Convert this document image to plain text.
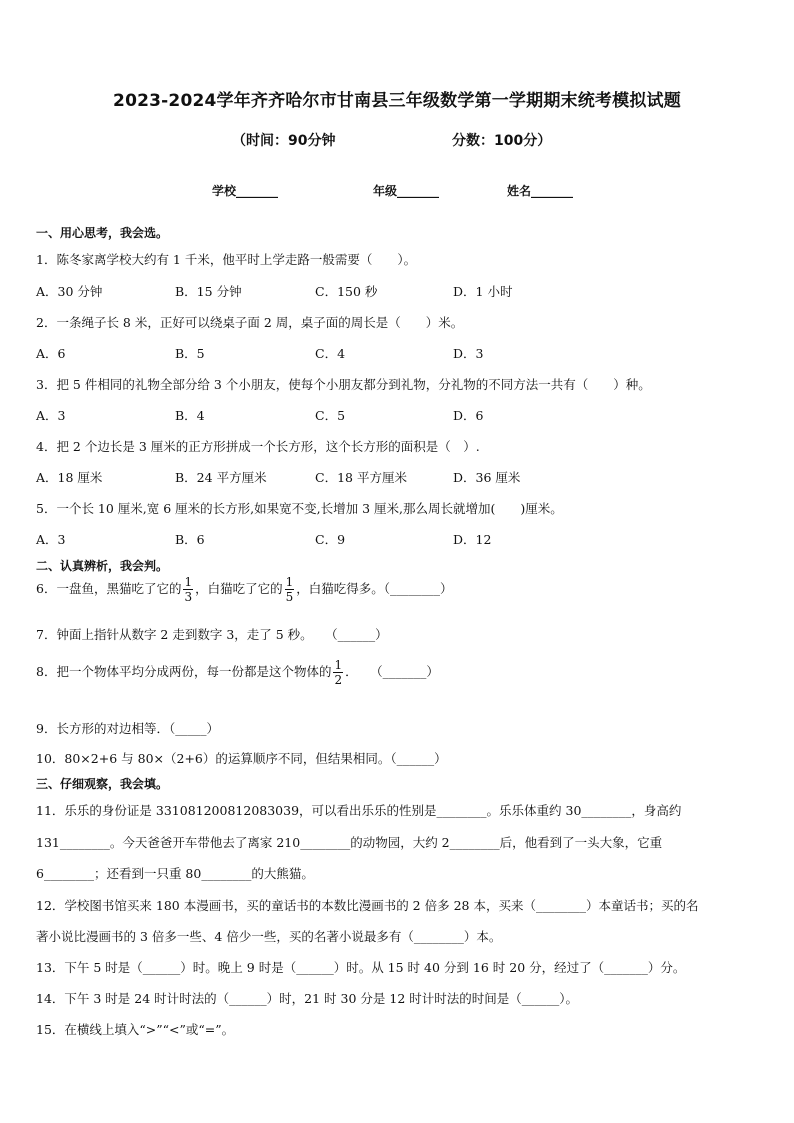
2023-2024学年齐齐哈尔市甘南县三年级数学第一学期期末统考模拟试题
（时间：90分钟	分数：100分）
学校_______	年级_______	姓名_______
一、用心思考，我会选。
1．陈冬家离学校大约有 1 千米，他平时上学走路一般需要（　　）。
A．30 分钟	B．15 分钟	C．150 秒	D．1 小时
2．一条绳子长 8 米，正好可以绕桌子面 2 周，桌子面的周长是（　　）米。
A．6	B．5	C．4	D．3
3．把 5 件相同的礼物全部分给 3 个小朋友，使每个小朋友都分到礼物，分礼物的不同方法一共有（　　）种。
A．3	B．4	C．5	D．6
4．把 2 个边长是 3 厘米的正方形拼成一个长方形，这个长方形的面积是（　）.
A．18 厘米	B．24 平方厘米	C．18 平方厘米	D．36 厘米
5．一个长 10 厘米,宽 6 厘米的长方形,如果宽不变,长增加 3 厘米,那么周长就增加(　　)厘米。
A．3	B．6	C．9	D．12
二、认真辨析，我会判。
6．一盘鱼，黑猫吃了它的 $\frac{1}{3}$ ，白猫吃了它的 $\frac{1}{5}$ ，白猫吃得多。（________）
7．钟面上指针从数字 2 走到数字 3，走了 5 秒。　　（______）
8．把一个物体平均分成两份，每一份都是这个物体的 $\frac{1}{2}$ ．　　（_______）
9．长方形的对边相等．（_____）
10．80×2+6 与 80×（2+6）的运算顺序不同，但结果相同。（______）
三、仔细观察，我会填。
11．乐乐的身份证是 331081200812083039，可以看出乐乐的性别是________。乐乐体重约 30________，身高约
131________。今天爸爸开车带他去了离家 210________的动物园，大约 2________后，他看到了一头大象，它重
6________；还看到一只重 80________的大熊猫。
12．学校图书馆买来 180 本漫画书，买的童话书的本数比漫画书的 2 倍多 28 本，买来（________）本童话书；买的名
著小说比漫画书的 3 倍多一些、4 倍少一些，买的名著小说最多有（________）本。
13．下午 5 时是（______）时。晚上 9 时是（______）时。从 15 时 40 分到 16 时 20 分，经过了（_______）分。
14．下午 3 时是 24 时计时法的（______）时，21 时 30 分是 12 时计时法的时间是（______）。
15．在横线上填入“>”“<”或“=”。
